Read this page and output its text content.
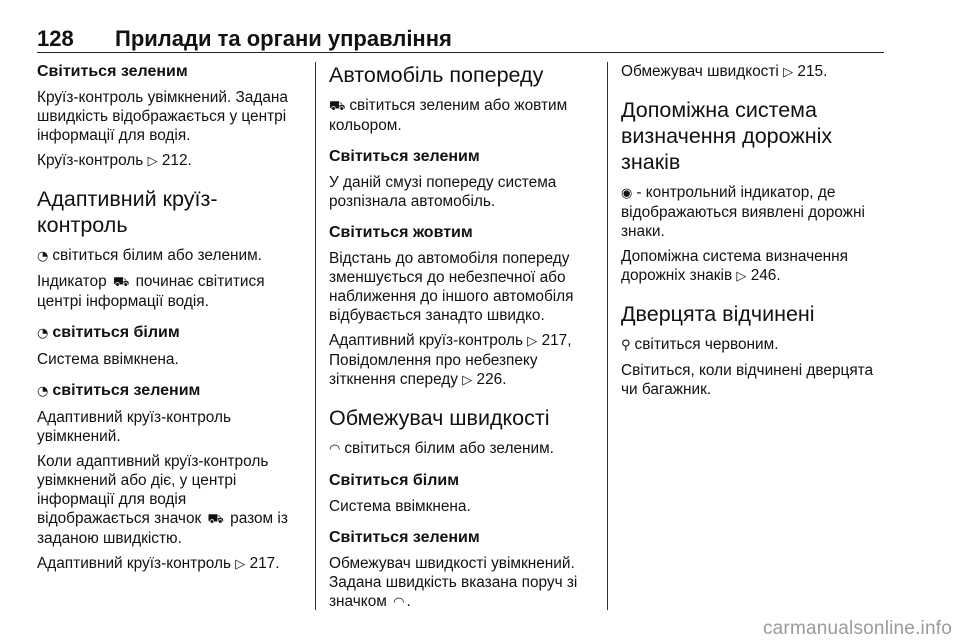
128 Прилади та органи управління
Світиться зеленим

Круїз-контроль увімкнений. Задана швидкість відображається у центрі інформації для водія.

Круїз-контроль ▷ 212.

Адаптивний круїз-контроль

◔ світиться білим або зеленим.

Індикатор ⛟ починає світитися центрі інформації водія.

◔ світиться білим

Система ввімкнена.

◔ світиться зеленим

Адаптивний круїз-контроль увімкнений.

Коли адаптивний круїз-контроль увімкнений або діє, у центрі інформації для водія відображається значок ⛟ разом із заданою швидкістю.

Адаптивний круїз-контроль ▷ 217.

Автомобіль попереду

⛟ світиться зеленим або жовтим кольором.

Світиться зеленим

У даній смузі попереду система розпізнала автомобіль.

Світиться жовтим

Відстань до автомобіля попереду зменшується до небезпечної або наближення до іншого автомобіля відбувається занадто швидко.

Адаптивний круїз-контроль ▷ 217, Повідомлення про небезпеку зіткнення спереду ▷ 226.

Обмежувач швидкості

◠ світиться білим або зеленим.

Світиться білим

Система ввімкнена.

Світиться зеленим

Обмежувач швидкості увімкнений. Задана швидкість вказана поруч зі значком ◠ .

Обмежувач швидкості ▷ 215.

Допоміжна система визначення дорожніх знаків

◉ - контрольний індикатор, де відображаються виявлені дорожні знаки.

Допоміжна система визначення дорожніх знаків ▷ 246.

Дверцята відчинені

⚲ світиться червоним.

Світиться, коли відчинені дверцята чи багажник.

carmanualsonline.info
